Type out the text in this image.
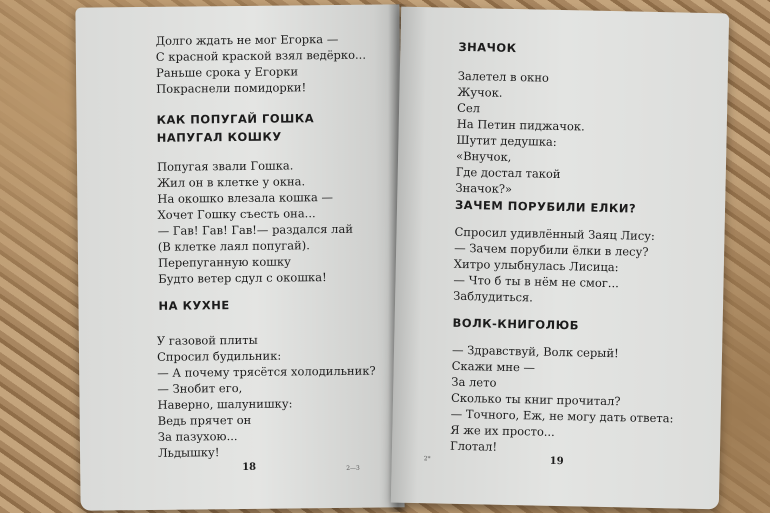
Долго ждать не мог Егорка —
С красной краской взял ведёрко...
Раньше срока у Егорки
Покраснели помидорки!
КАК ПОПУГАЙ ГОШКА
НАПУГАЛ КОШКУ
Попугая звали Гошка.
Жил он в клетке у окна.
На окошко влезала кошка —
Хочет Гошку съесть она...
— Гав! Гав! Гав!— раздался лай
(В клетке лаял попугай).
Перепуганную кошку
Будто ветер сдул с окошка!
НА КУХНЕ
У газовой плиты
Спросил будильник:
— А почему трясётся холодильник?
— Знобит его,
Наверно, шалунишку:
Ведь прячет он
За пазухою...
Льдышку!
18	2—3
ЗНАЧОК
Залетел в окно
Жучок.
Сел
На Петин пиджачок.
Шутит дедушка:
«Внучок,
Где достал такой
Значок?»
ЗАЧЕМ ПОРУБИЛИ ЕЛКИ?
Спросил удивлённый Заяц Лису:
— Зачем порубили ёлки в лесу?
Хитро улыбнулась Лисица:
— Что б ты в нём не смог...
Заблудиться.
ВОЛК-КНИГОЛЮБ
— Здравствуй, Волк серый!
Скажи мне —
За лето
Сколько ты книг прочитал?
— Точного, Еж, не могу дать ответа:
Я же их просто...
Глотал!
2*	19
